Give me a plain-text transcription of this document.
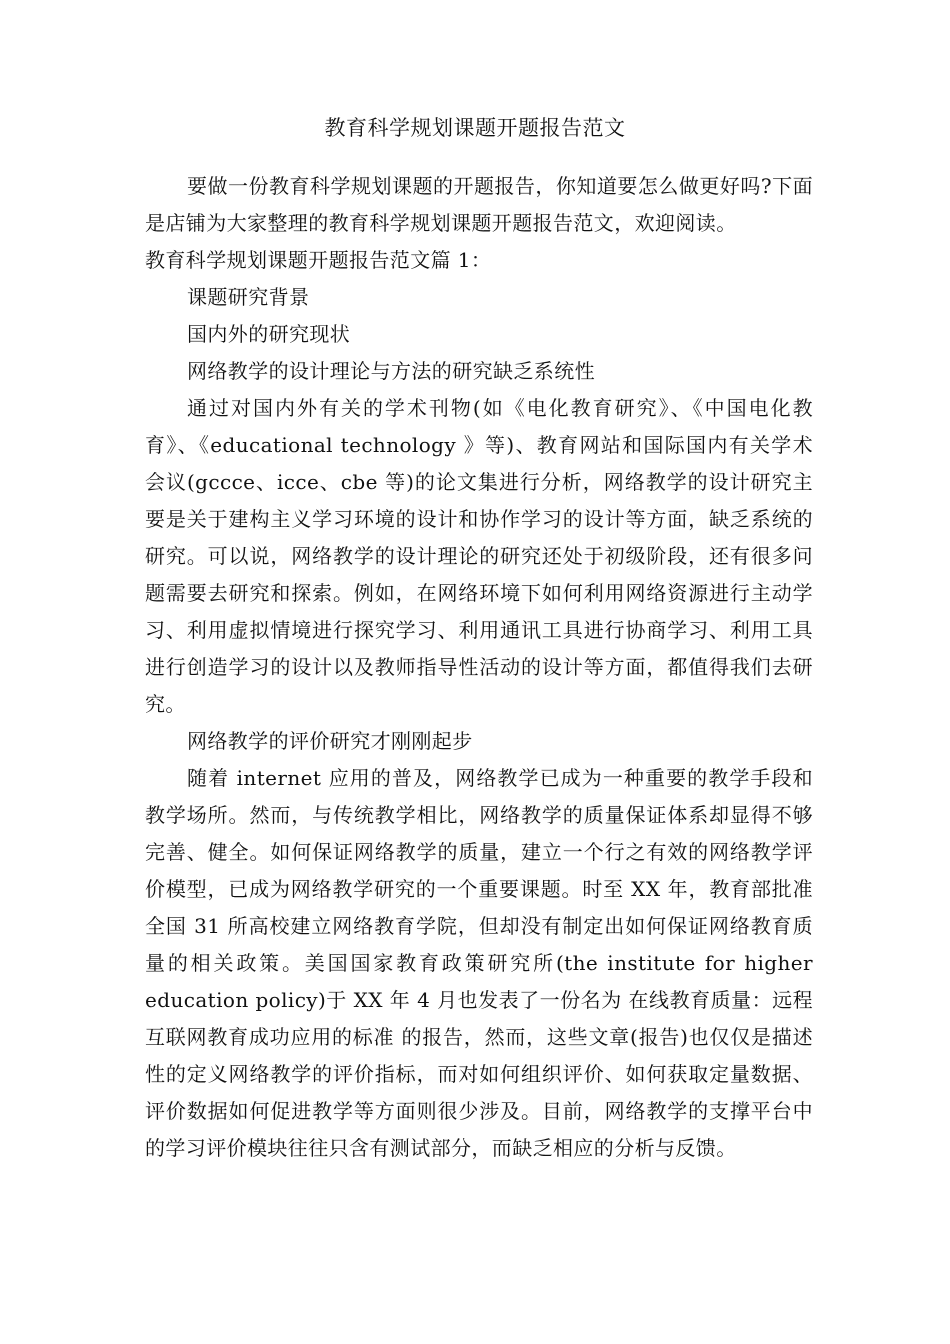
教育科学规划课题开题报告范文

要做一份教育科学规划课题的开题报告，你知道要怎么做更好吗?下面是店铺为大家整理的教育科学规划课题开题报告范文，欢迎阅读。

教育科学规划课题开题报告范文篇 1：

课题研究背景

国内外的研究现状

网络教学的设计理论与方法的研究缺乏系统性

通过对国内外有关的学术刊物(如《电化教育研究》、《中国电化教育》、《educational technology 》等)、教育网站和国际国内有关学术会议(gccce、icce、cbe 等)的论文集进行分析，网络教学的设计研究主要是关于建构主义学习环境的设计和协作学习的设计等方面，缺乏系统的研究。可以说，网络教学的设计理论的研究还处于初级阶段，还有很多问题需要去研究和探索。例如，在网络环境下如何利用网络资源进行主动学习、利用虚拟情境进行探究学习、利用通讯工具进行协商学习、利用工具进行创造学习的设计以及教师指导性活动的设计等方面，都值得我们去研究。

网络教学的评价研究才刚刚起步

随着 internet 应用的普及，网络教学已成为一种重要的教学手段和教学场所。然而，与传统教学相比，网络教学的质量保证体系却显得不够完善、健全。如何保证网络教学的质量，建立一个行之有效的网络教学评价模型，已成为网络教学研究的一个重要课题。时至 XX 年，教育部批准全国 31 所高校建立网络教育学院，但却没有制定出如何保证网络教育质量的相关政策。美国国家教育政策研究所(the institute for higher education policy)于 XX 年 4 月也发表了一份名为 在线教育质量：远程互联网教育成功应用的标准 的报告，然而，这些文章(报告)也仅仅是描述性的定义网络教学的评价指标，而对如何组织评价、如何获取定量数据、评价数据如何促进教学等方面则很少涉及。目前，网络教学的支撑平台中的学习评价模块往往只含有测试部分，而缺乏相应的分析与反馈。
